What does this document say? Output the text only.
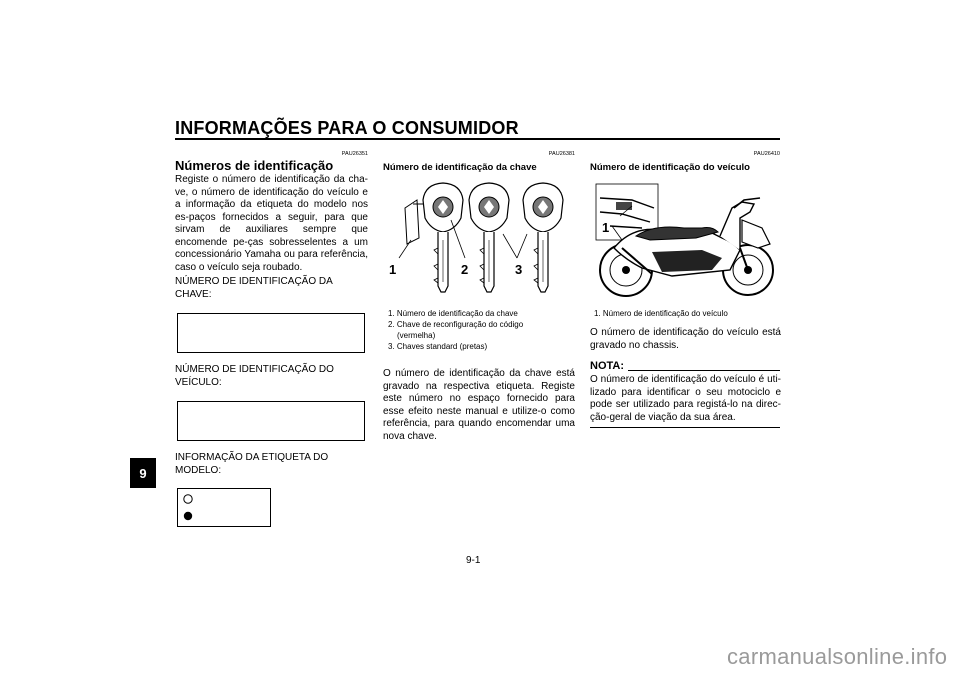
INFORMAÇÕES PARA O CONSUMIDOR
9
PAU26351
Números de identificação
Registe o número de identificação da cha-ve, o número de identificação do veículo e a informação da etiqueta do modelo nos es-paços fornecidos a seguir, para que sirvam de auxiliares sempre que encomende pe-ças sobresselentes a um concessionário Yamaha ou para referência, caso o veículo seja roubado.
NÚMERO DE IDENTIFICAÇÃO DA
CHAVE:
NÚMERO DE IDENTIFICAÇÃO DO
VEÍCULO:
INFORMAÇÃO DA ETIQUETA DO
MODELO:
PAU26381
Número de identificação da chave
1	2	3
1. Número de identificação da chave
2. Chave de reconfiguração do código
(vermelha)
3. Chaves standard (pretas)
O número de identificação da chave está gravado na respectiva etiqueta. Registe este número no espaço fornecido para esse efeito neste manual e utilize-o como referência, para quando encomendar uma nova chave.
PAU26410
Número de identificação do veículo
1
1. Número de identificação do veículo
O número de identificação do veículo está gravado no chassis.
NOTA:
O número de identificação do veículo é uti-lizado para identificar o seu motociclo e pode ser utilizado para registá-lo na direc-ção-geral de viação da sua área.
9-1
carmanualsonline.info
